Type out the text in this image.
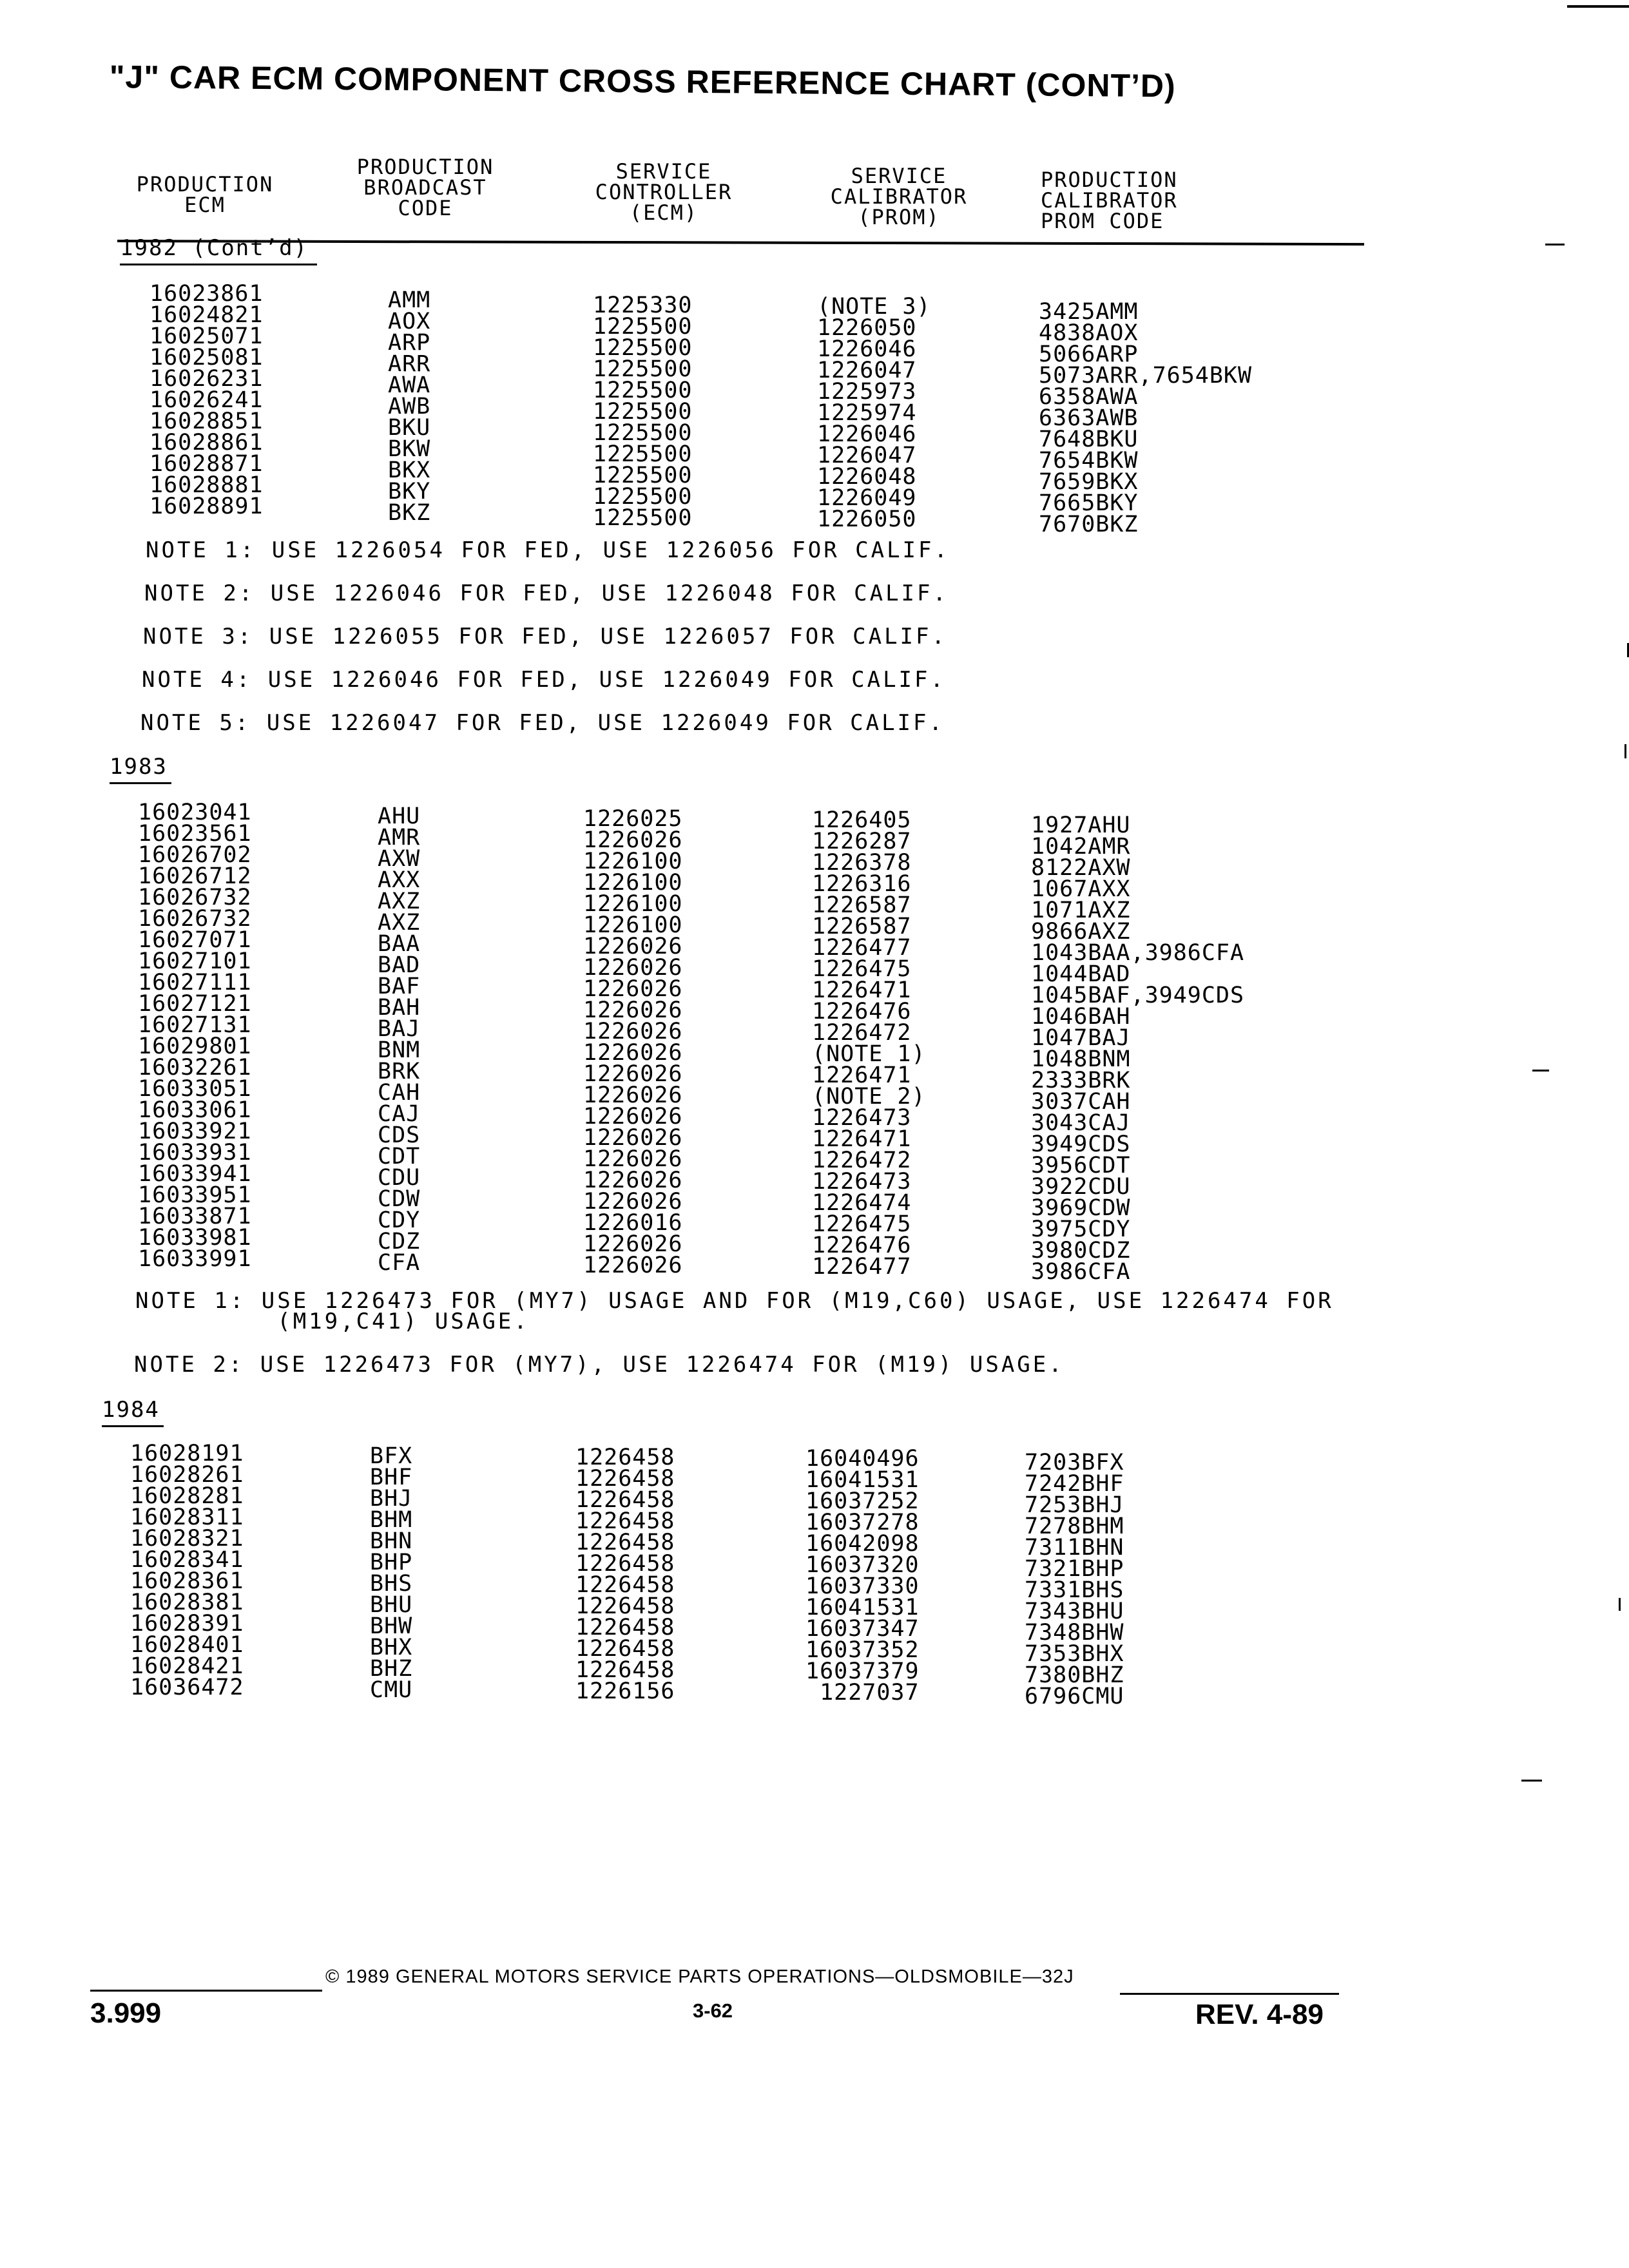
"J" CAR ECM COMPONENT CROSS REFERENCE CHART (CONT’D)
PRODUCTION
ECM
PRODUCTION
BROADCAST
CODE
SERVICE
CONTROLLER
(ECM)
SERVICE
CALIBRATOR
(PROM)
PRODUCTION
CALIBRATOR
PROM CODE
1982 (Cont’d)
16023861
16024821
16025071
16025081
16026231
16026241
16028851
16028861
16028871
16028881
16028891
AMM
AOX
ARP
ARR
AWA
AWB
BKU
BKW
BKX
BKY
BKZ
1225330
1225500
1225500
1225500
1225500
1225500
1225500
1225500
1225500
1225500
1225500
(NOTE 3)
1226050
1226046
1226047
1225973
1225974
1226046
1226047
1226048
1226049
1226050
3425AMM
4838AOX
5066ARP
5073ARR,7654BKW
6358AWA
6363AWB
7648BKU
7654BKW
7659BKX
7665BKY
7670BKZ
NOTE 1: USE 1226054 FOR FED, USE 1226056 FOR CALIF.
NOTE 2: USE 1226046 FOR FED, USE 1226048 FOR CALIF.
NOTE 3: USE 1226055 FOR FED, USE 1226057 FOR CALIF.
NOTE 4: USE 1226046 FOR FED, USE 1226049 FOR CALIF.
NOTE 5: USE 1226047 FOR FED, USE 1226049 FOR CALIF.
1983
16023041
16023561
16026702
16026712
16026732
16026732
16027071
16027101
16027111
16027121
16027131
16029801
16032261
16033051
16033061
16033921
16033931
16033941
16033951
16033871
16033981
16033991
AHU
AMR
AXW
AXX
AXZ
AXZ
BAA
BAD
BAF
BAH
BAJ
BNM
BRK
CAH
CAJ
CDS
CDT
CDU
CDW
CDY
CDZ
CFA
1226025
1226026
1226100
1226100
1226100
1226100
1226026
1226026
1226026
1226026
1226026
1226026
1226026
1226026
1226026
1226026
1226026
1226026
1226026
1226016
1226026
1226026
1226405
1226287
1226378
1226316
1226587
1226587
1226477
1226475
1226471
1226476
1226472
(NOTE 1)
1226471
(NOTE 2)
1226473
1226471
1226472
1226473
1226474
1226475
1226476
1226477
1927AHU
1042AMR
8122AXW
1067AXX
1071AXZ
9866AXZ
1043BAA,3986CFA
1044BAD
1045BAF,3949CDS
1046BAH
1047BAJ
1048BNM
2333BRK
3037CAH
3043CAJ
3949CDS
3956CDT
3922CDU
3969CDW
3975CDY
3980CDZ
3986CFA
NOTE 1: USE 1226473 FOR (MY7) USAGE AND FOR (M19,C60) USAGE, USE 1226474 FOR
(M19,C41) USAGE.
NOTE 2: USE 1226473 FOR (MY7), USE 1226474 FOR (M19) USAGE.
1984
16028191
16028261
16028281
16028311
16028321
16028341
16028361
16028381
16028391
16028401
16028421
16036472
BFX
BHF
BHJ
BHM
BHN
BHP
BHS
BHU
BHW
BHX
BHZ
CMU
1226458
1226458
1226458
1226458
1226458
1226458
1226458
1226458
1226458
1226458
1226458
1226156
16040496
16041531
16037252
16037278
16042098
16037320
16037330
16041531
16037347
16037352
16037379
1227037
7203BFX
7242BHF
7253BHJ
7278BHM
7311BHN
7321BHP
7331BHS
7343BHU
7348BHW
7353BHX
7380BHZ
6796CMU
© 1989 GENERAL MOTORS SERVICE PARTS OPERATIONS—OLDSMOBILE—32J
3.999	3-62	REV. 4-89
